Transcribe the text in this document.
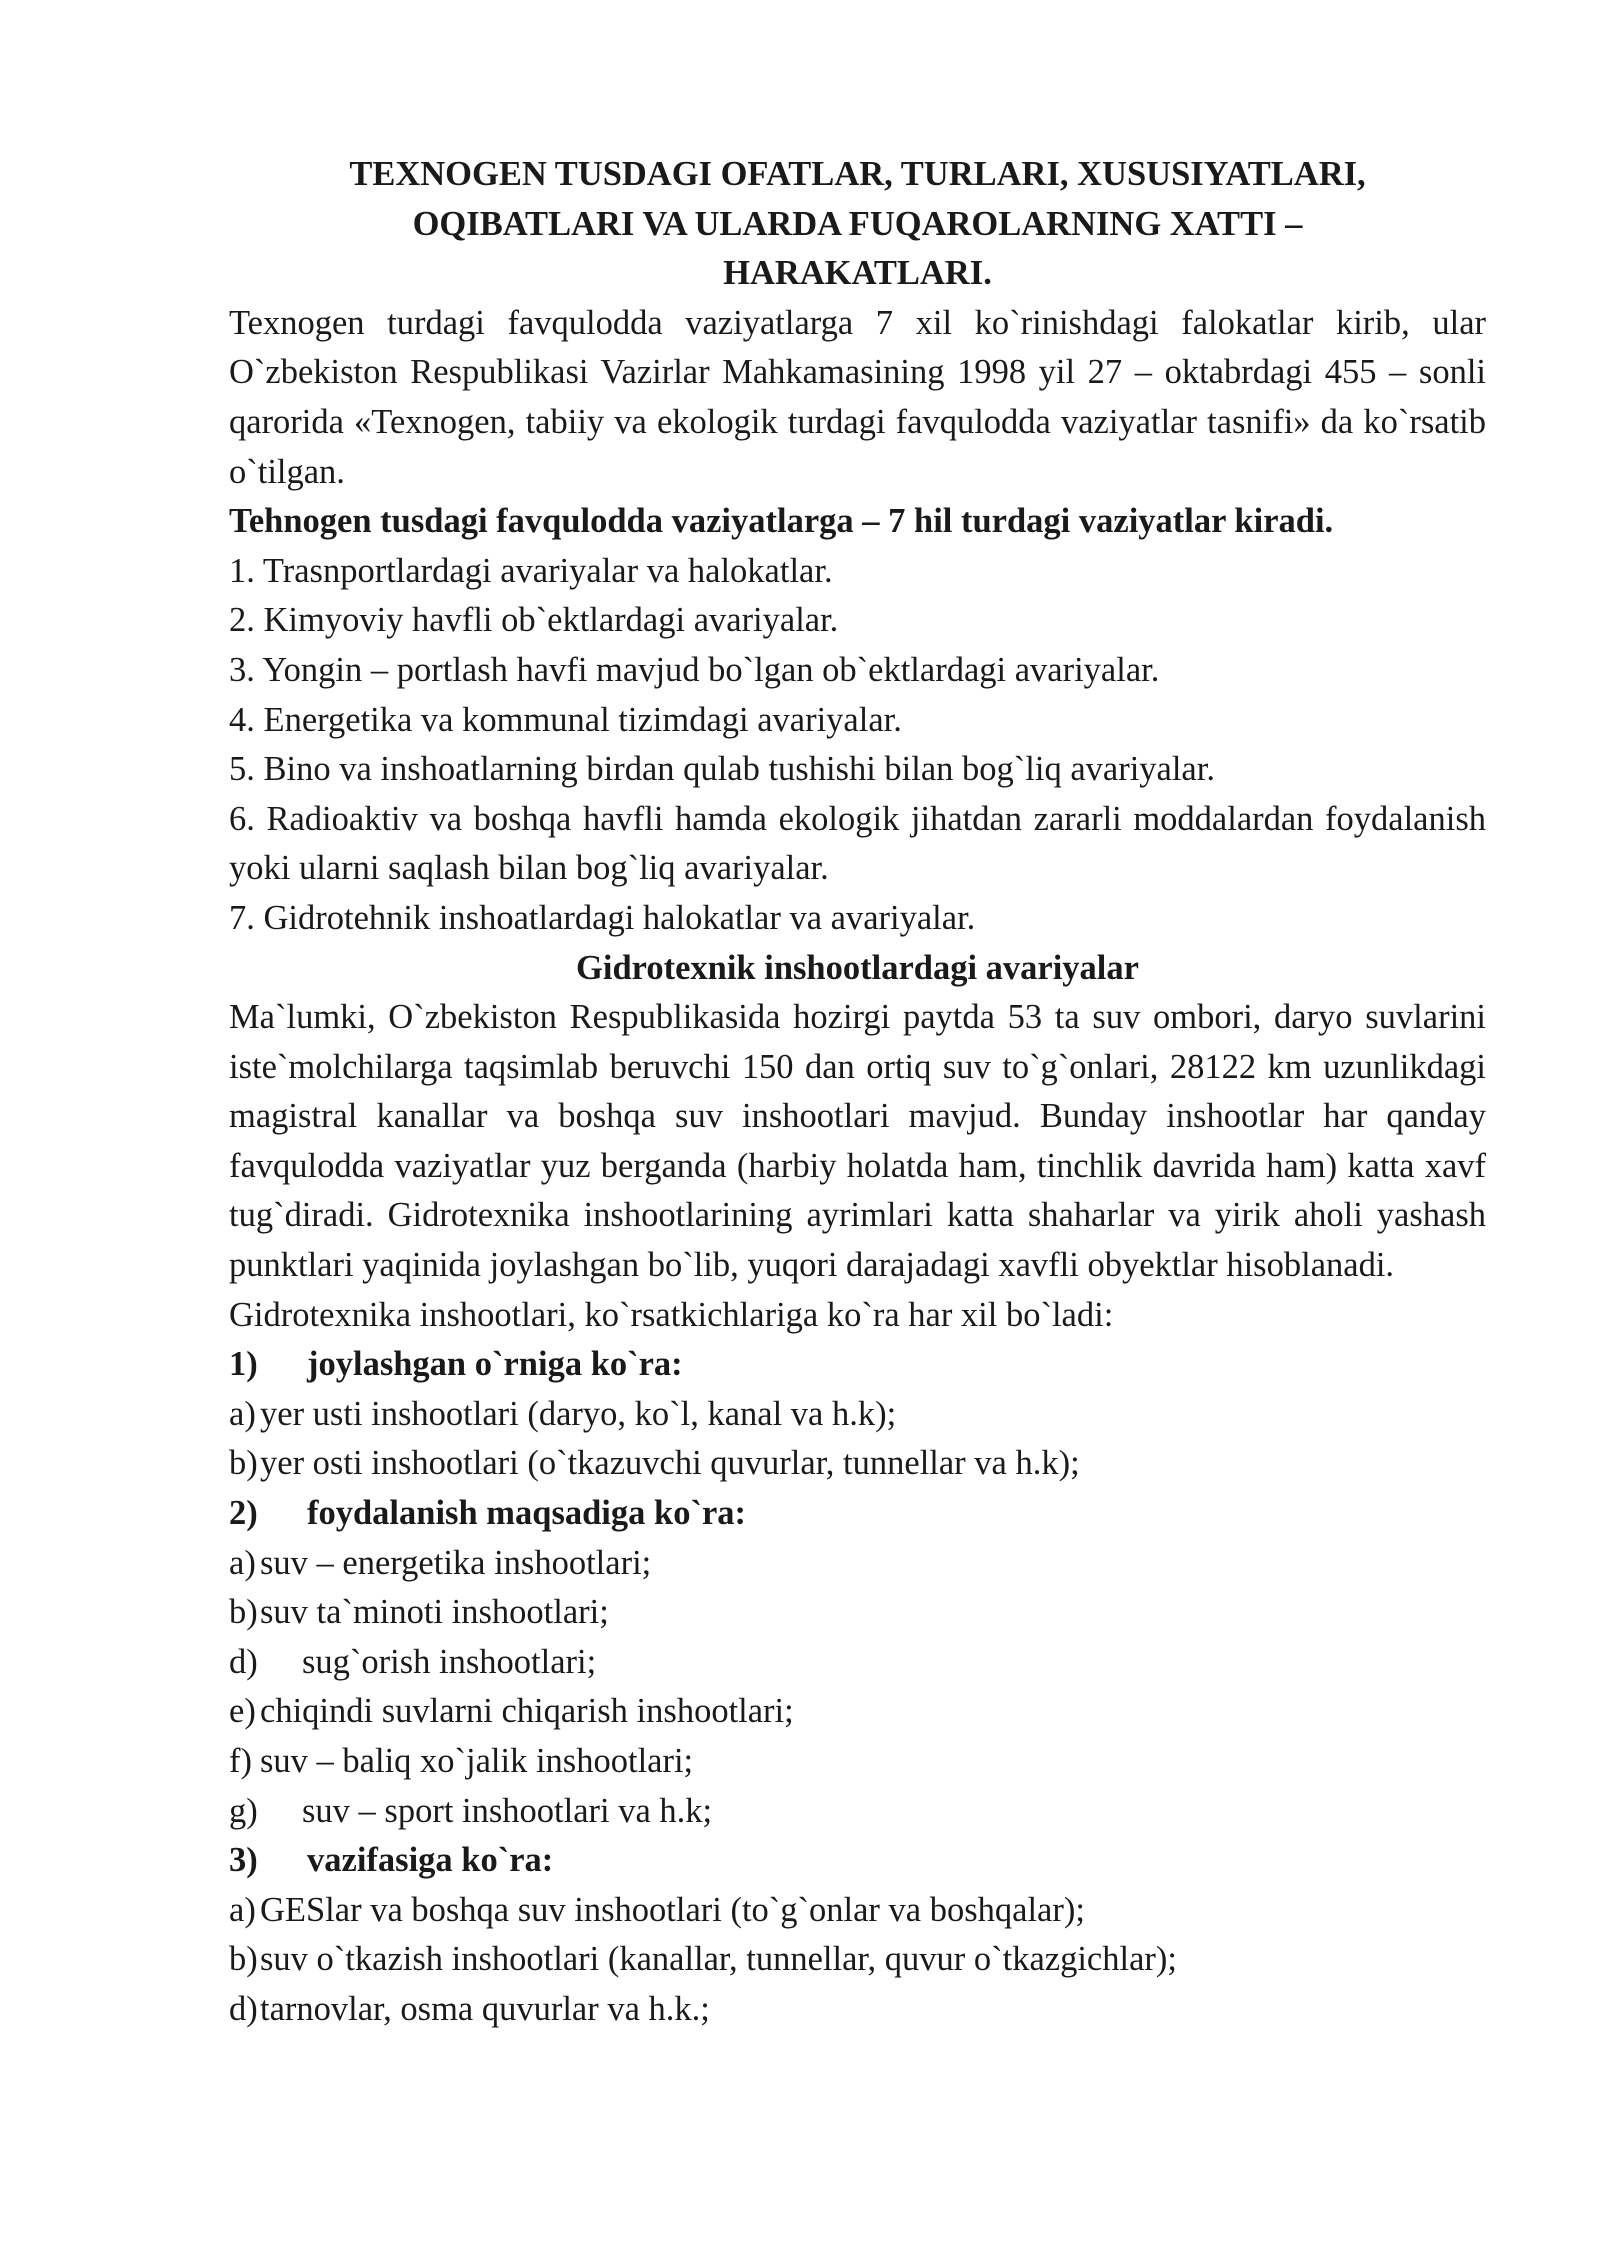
TEXNOGEN TUSDAGI OFATLAR, TURLARI, XUSUSIYATLARI,
OQIBATLARI VA ULARDA FUQAROLARNING XATTI –
HARAKATLARI.

Texnogen turdagi favqulodda vaziyatlarga 7 xil ko`rinishdagi falokatlar kirib, ular O`zbekiston Respublikasi Vazirlar Mahkamasining 1998 yil 27 – oktabrdagi 455 – sonli qarorida «Texnogen, tabiiy va ekologik turdagi favqulodda vaziyatlar tasnifi» da ko`rsatib o`tilgan.

Tehnogen tusdagi favqulodda vaziyatlarga – 7 hil turdagi vaziyatlar kiradi.

1. Trasnportlardagi avariyalar va halokatlar.

2. Kimyoviy havfli ob`ektlardagi avariyalar.

3. Yongin – portlash havfi mavjud bo`lgan ob`ektlardagi avariyalar.

4. Energetika va kommunal tizimdagi avariyalar.

5. Bino va inshoatlarning birdan qulab tushishi bilan bog`liq avariyalar.

6. Radioaktiv va boshqa havfli hamda ekologik jihatdan zararli moddalardan foydalanish yoki ularni saqlash bilan bog`liq avariyalar.

7. Gidrotehnik inshoatlardagi halokatlar va avariyalar.

Gidrotexnik inshootlardagi avariyalar

Ma`lumki, O`zbekiston Respublikasida hozirgi paytda 53 ta suv ombori, daryo suvlarini iste`molchilarga taqsimlab beruvchi 150 dan ortiq suv to`g`onlari, 28122 km uzunlikdagi magistral kanallar va boshqa suv inshootlari mavjud. Bunday inshootlar har qanday favqulodda vaziyatlar yuz berganda (harbiy holatda ham, tinchlik davrida ham) katta xavf tug`diradi. Gidrotexnika inshootlarining ayrimlari katta shaharlar va yirik aholi yashash punktlari yaqinida joylashgan bo`lib, yuqori darajadagi xavfli obyektlar hisoblanadi.

Gidrotexnika inshootlari, ko`rsatkichlariga ko`ra har xil bo`ladi:

1)	joylashgan o`rniga ko`ra:
a) yer usti inshootlari (daryo, ko`l, kanal va h.k);
b) yer osti inshootlari (o`tkazuvchi quvurlar, tunnellar va h.k);
2)	foydalanish maqsadiga ko`ra:
a) suv – energetika inshootlari;
b) suv ta`minoti inshootlari;
d)	sug`orish inshootlari;
e) chiqindi suvlarni chiqarish inshootlari;
f) suv – baliq xo`jalik inshootlari;
g)	suv – sport inshootlari va h.k;
3)	vazifasiga ko`ra:
a) GESlar va boshqa suv inshootlari (to`g`onlar va boshqalar);
b) suv o`tkazish inshootlari (kanallar, tunnellar, quvur o`tkazgichlar);
d) tarnovlar, osma quvurlar va h.k.;
